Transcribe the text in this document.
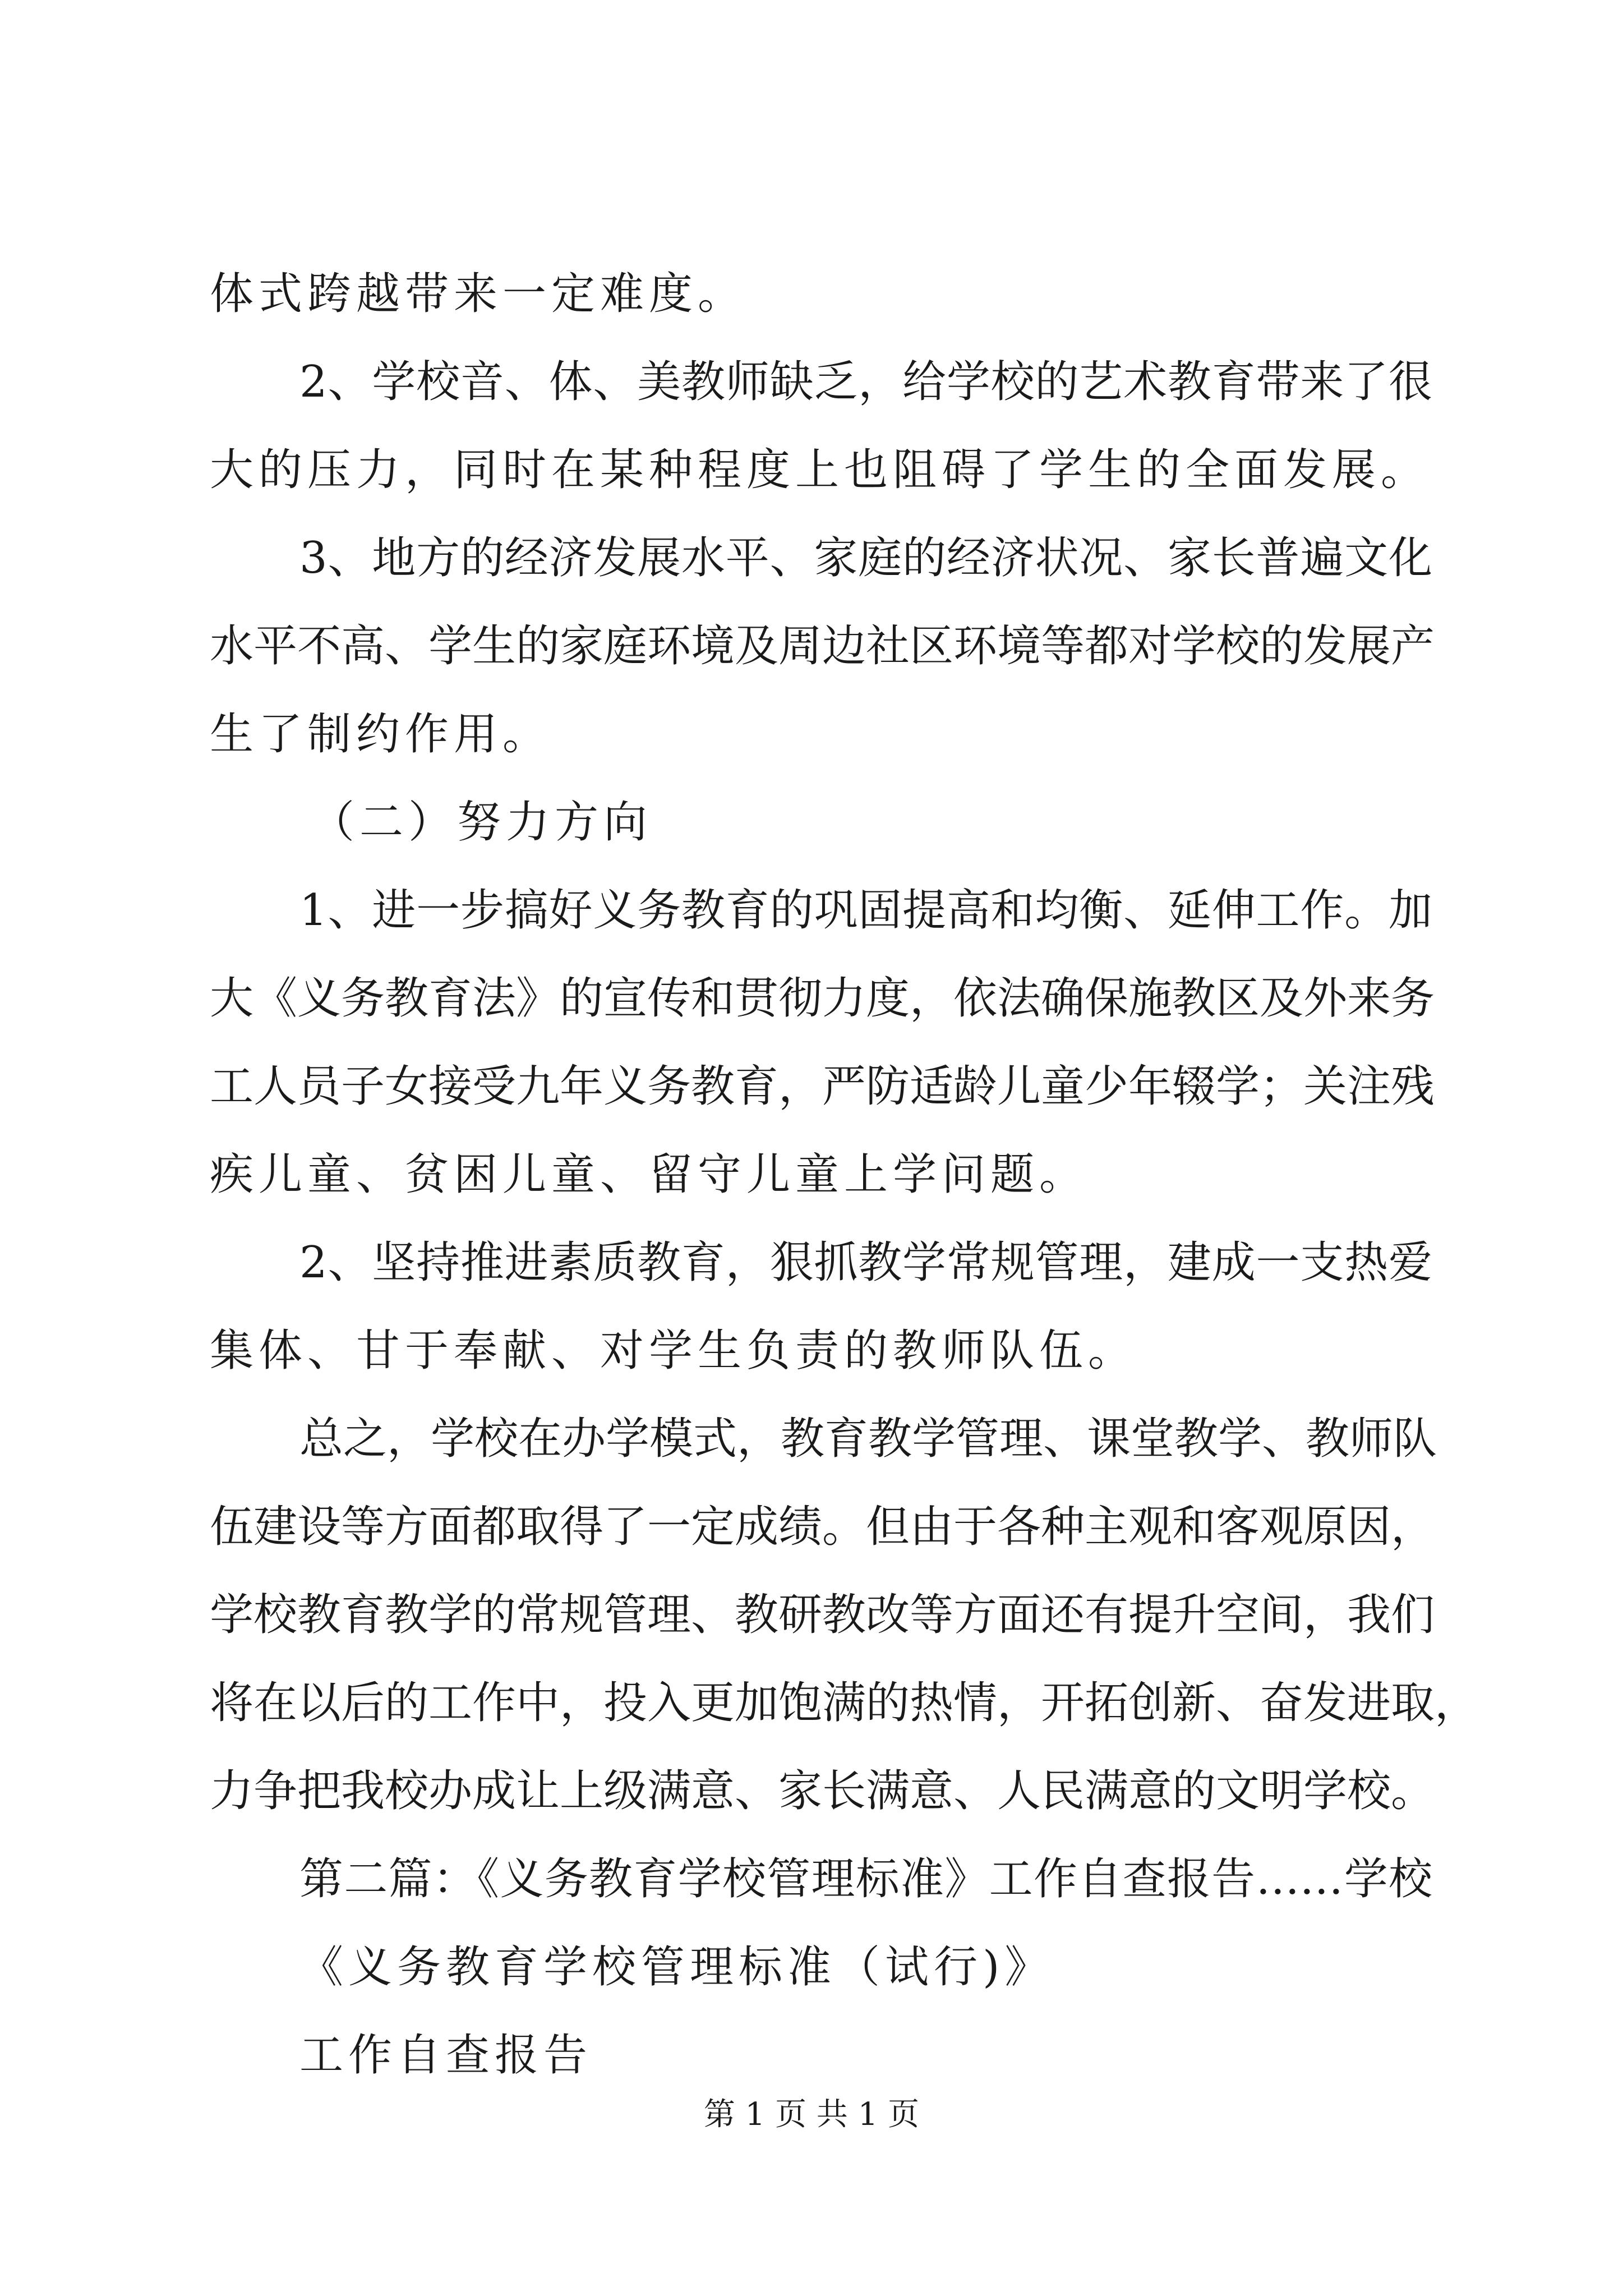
体式跨越带来一定难度。
2、学校音、体、美教师缺乏，给学校的艺术教育带来了很
大的压力，同时在某种程度上也阻碍了学生的全面发展。
3、地方的经济发展水平、家庭的经济状况、家长普遍文化
水平不高、学生的家庭环境及周边社区环境等都对学校的发展产
生了制约作用。
（二）努力方向
1、进一步搞好义务教育的巩固提高和均衡、延伸工作。加
大《义务教育法》的宣传和贯彻力度，依法确保施教区及外来务
工人员子女接受九年义务教育，严防适龄儿童少年辍学；关注残
疾儿童、贫困儿童、留守儿童上学问题。
2、坚持推进素质教育，狠抓教学常规管理，建成一支热爱
集体、甘于奉献、对学生负责的教师队伍。
总之，学校在办学模式，教育教学管理、课堂教学、教师队
伍建设等方面都取得了一定成绩。但由于各种主观和客观原因，
学校教育教学的常规管理、教研教改等方面还有提升空间，我们
将在以后的工作中，投入更加饱满的热情，开拓创新、奋发进取，
力争把我校办成让上级满意、家长满意、人民满意的文明学校。
第二篇：《义务教育学校管理标准》工作自查报告……学校
《义务教育学校管理标准（试行)》
工作自查报告
第 1 页 共 1 页
